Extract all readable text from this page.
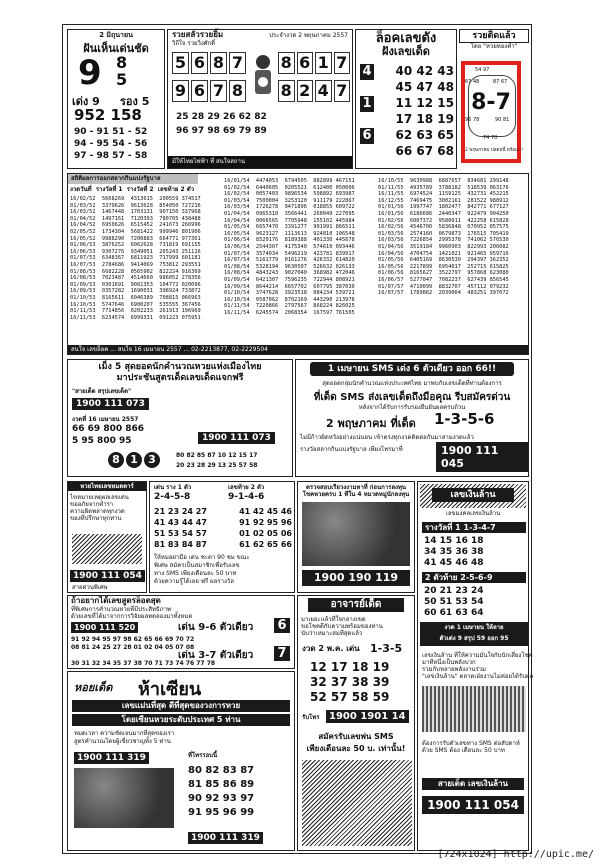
2 มิถุนายน
ฝันเห็นเด่นชัด
9 8
5
เด่ง 9 รอง 5
952 158
90 - 91 51 - 52
94 - 95 54 - 56
97 - 98 57 - 58
รวยสลัวรวยยิ้ม
วิถีใจ รวยวิ่งศักดิ์
ประจำงวด 2 พฤษภาคม 2557
5 6 8 7
9 6 7 8
8 6 1 7
8 2 4 7
25 28 29 26 62 82
96 97 98 69 79 89
มีให้ไทยไฟฟ้า ที่ สนใจสถาน
ล็อคเลขดัง
ฝังเลขเด็ด
4 40 42 43
45 47 48
1 11 12 15
17 18 19
6 62 63 65
66 67 68
รวยติดแล้ว
โดย "หวยทองคำ"
54 97
87 67
90 81
74 70
96 78
67 48
8-7
2 พฤษภาคม ปลดหนี้ พร้อม!!!
สถิติผลการออกสลากกินแบ่งรัฐบาล
งวดวันที่ รางวัลที่ 1 รางวัลที่ 2 เลขท้าย 2 ตัว
16/02/52  5668269  4313615  200559 374517
01/03/52  3379626  9613628  854050 727216
16/03/52  1467448  1703131  907150 337968
01/04/52  1497161  7120393  780705 438488
16/04/52  6950626  6515452  241673 266996
02/05/52  1734304  5681422  999946 801906
16/05/52  9988290  7200883  664771 977361
01/06/53  3876252  6062628  731819 691155
16/06/53  9307276  9349051  265243 251116
01/07/53  6348367  6811923  717999 601181
16/07/53  2784686  9414069  753812 293551
01/08/53  6682228  0565902  822224 916369
16/08/53  7023487  4514660  986052 278356
01/09/53  0301691  9081353  104772 020096
16/09/53  0357282  1690031  398924 733872
01/10/53  8165611  6046389  708815 066963
16/10/53  5747646  6900207  535555 367456
01/11/53  7714856  0202233  261913 196969
16/11/53  6234574  6999331  091223 075951
16/01/54  4474053  6794505  882899 467151
01/02/54  6440605  0205521  612400 050006
16/02/54  0057403  9896534  598892 693987
01/03/54  7500004  3253120  911179 222867
16/03/54  1726278  9471896  018855 609722
01/04/54  0965310  3566441  260049 227095
16/04/54  0066565  7705948  155102 445984
01/05/54  6657470  3391277  901991 866511
16/05/54  9623127  1113613  924810 106548
01/06/54  8520176  8189388  401330 445678
16/06/54  2544307  4175340  574610 093446
01/07/54  3574034  5496219  423781 839917
16/07/54  5161779  0161276  426332 614820
01/08/54  5328194  9630507  526632 026133
16/08/54  4843243  9027040  368982 472046
01/09/54  6421307  7596235  722944 808921
16/09/54  8644214  6657702  607795 387030
01/10/54  3747628  3923518  084234 539721
16/10/54  0587062  8702169  443290 213978
01/11/54  7220866  2797567  868224 826025
16/11/54  6245574  2068354  167597 761505
16/10/55  9630988  6887657  834681 299148
01/11/55  4935789  3788182  518539 063176
16/11/55  6974524  1159125  432731 452215
16/12/55  7469475  3002161  281522 988912
01/01/56  1997747  1802477  842771 677127
16/01/56  6186686  2440347  922479 904250
01/02/56  6007372  9588911  422258 615828
16/02/56  4546700  5836848  070952 057575
01/03/56  2574160  0679873  176515 705419
16/03/56  7226854  2995378  741062 576530
01/04/56  3519184  9960903  822993 206082
16/04/56  4704754  1421021  921465 959716
01/05/56  6405169  8630530  294397 362352
16/05/56  2217899  6954017  252715 615825
01/06/56  8165627  3522797  957868 623080
16/06/57  5277047  7082237  627439 856545
01/07/57  4710099  8832707  457112 079232
16/07/57  1789062  2039004  483251 397072
สนใจ เลขล็อค ... สนใจ 16 เมษายน 2557 ... 02-2213877, 02-2229504
เม็ง 5 สุดยอดนักคำนวณหวยแห่งเมืองไทย
มาประชันสูตรเด็ดเลขเด็ดแจกฟรี
"สายเด็ด สรุปเลขเด็ด"
1900 111 073
1900 111 073
งวดที่ 16 เมษายน 2557
66 69 800 866
5 95 800 95
8 1 3	80 82 85 87 10 12 15 17
20 23 28 29 13 25 57 58
1 เมษายน SMS เด่ง 6 ตัวเดียว ออก 66!!
สุดยอดกลุ่มนักคำนวณแห่งประเทศไทย มาพบกับเลขเด็ดที่ท่านต้องการ
ที่เด็ด SMS ส่งเลขเด็ดถึงมือคุณ รีบสมัครด่วน
หลังจากได้รับการรับรองยืนยันผลครบถ้วน
2 พฤษภาคม ที่เด็ด 1-3-5-6
ไม่มีก้าวผิดหวังอย่างแน่นอน เข้าตรงทุกงวดติดต่อกันมาสามงวดแล้ว
รางวัลสลากกินแบ่งรัฐบาล เพียงโทรมาที่	1900 111 045
หวยไทยเลขหมดตาร์
ไขหมายเหตุผลเลขเด่น
ขออภัยจากตำรา
ความผิดพลาดทุกงวด
ของที่ปรึกษาทุกท่าน
1900 111 054
สายด่วนพิเศษ
เด่น ราง 1 ตัว
2-4-5-8
เลขท้าย 2 ตัว
9-1-4-6
21 23 24 27	41 42 45 46
41 43 44 47	91 92 95 96
51 53 54 57	01 02 05 06
81 83 84 87	61 62 65 66
ให้หมอผ่ามือ เด่น ชะตา 90 ชม ขณะ
พิเศษ สมัครเป็นสมาชิกเพื่อรับเลข
ทาง SMS เพียงเดือนละ 50 บาท
ด้วยความรู้ได้เลย ฟรี ผลรางวัล
ตรวจสอบเรียวงงามหาที่ ก่อนการลงทุน
โชคหวยครบ 1 ทีใน 4 หมวดหมู่นักลงทุน
1900 190 119
เลขเงินล้าน
เลขมงคลเลขเงินล้าน
รางวัลที่ 1 1-3-4-7
14 15 16 18
34 35 36 38
41 45 46 48
2 ตัวท้าย 2-5-6-9
20 21 23 24
50 51 53 54
60 61 63 64
งวด 1 เมษายน ให้ลาย
ตัวเด่ง 9 สรุป 59 ออก 95
เลขเงินล้าน ที่ให้ความมั่นใจกับนักเสี่ยงโชค
มาทีหนึ่งเป็นพลังบวก
รวมกับหลายพลังงานร่วม
"เลขเงินล้าน" ตลาดเอ๋ยงานไม่ค่อยได้รับผล
ต้องการรับตัวเลขทาง SMS ต่อสัปดาห์ด้วย SMS ต้อง เดือนละ 50 บาท
สายเด็ด เลขเงินล้าน
1900 111 054
ถ้าอยากได้เลขสูตรล็อตสุด
ที่พิเศษการคำนวณหวยที่มีประสิทธิภาพ
ด้วยเลขที่ได้มาจากการวิจัยผลทดลองมาทั้งหมด
1900 111 520
91 92 94 95 97 98 62 65 66 69 70 72
08 81 24 25 27 28 01 02 04 05 07 08
เด่น 9-6 ตัวเดียว 6
เด่น 3-7 ตัวเดียว 7
30 31 32 34 35 37 38 70 71 73 74 76 77 78
อาจารย์เด็ด
มาเยอะแล้วที่ใจกลางเขต
ขอโชคดีกับความพร้อมของท่าน
นับว่าเหมาะสมที่สุดแล้ว
งวด 2 พ.ค. เด่น 1-3-5
12 17 18 19
32 37 38 39
52 57 58 59
รับโทร 1900 1901 14
สมัครรับเลขพ่น SMS
เพียงเดือนละ 50 บ. เท่านั้น!
หอยเด็ด ห้าเซียน
เลขแม่นที่สุด ดีที่สุดของวงการหวย
โดยเซียนหวยระดับประเทศ 5 ท่าน
หมดเวลา ความชัดเจนมากที่สุดของเรา
สูตรคำนวณโดยผู้เชี่ยวชาญทั้ง 5 ท่าน
1900 111 319	ที่โทรรอบนี้
80 82 83 87
81 85 86 89
90 92 93 97
91 95 96 99
1900 111 319
[724x1024] http://upic.me/
